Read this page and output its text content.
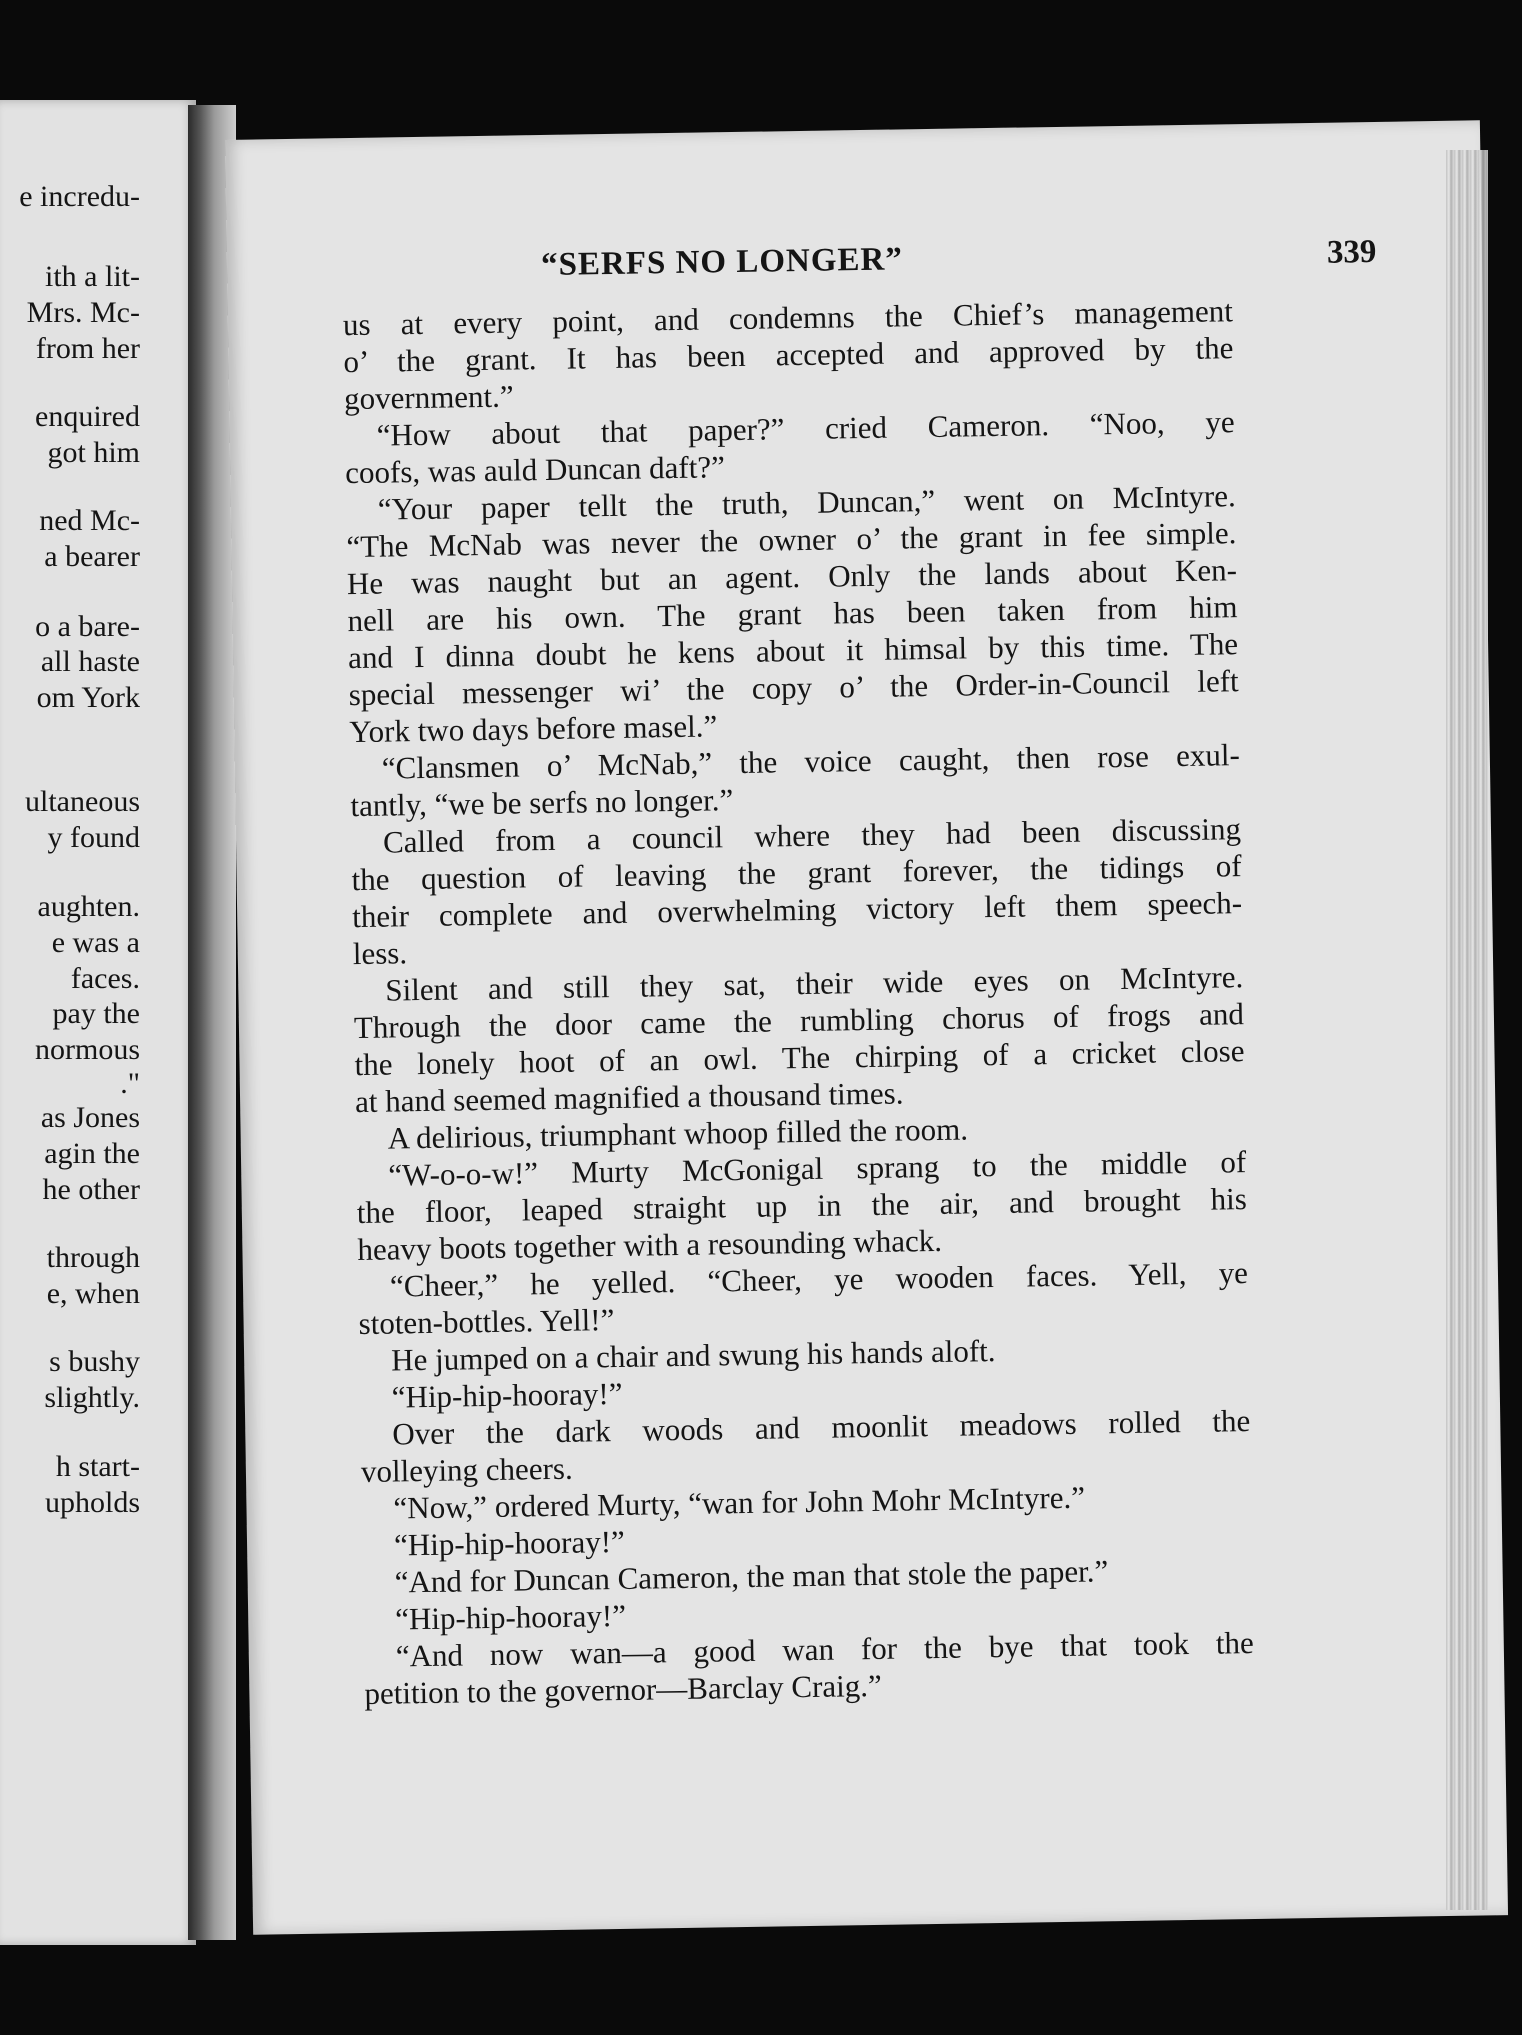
e incredu-
ith a lit-
Mrs. Mc-
from her
enquired
got him
ned Mc-
a bearer
o a bare-
all haste
om York
ultaneous
y found
aughten.
e was a
faces.
pay the
normous
."
as Jones
agin the
he other
through
e, when
s bushy
slightly.
h start-
upholds
“SERFS NO LONGER”	339
us at every point, and condemns the Chief’s management
o’ the grant. It has been accepted and approved by the
government.”
“How about that paper?” cried Cameron. “Noo, ye
coofs, was auld Duncan daft?”
“Your paper tellt the truth, Duncan,” went on McIntyre.
“The McNab was never the owner o’ the grant in fee simple.
He was naught but an agent. Only the lands about Ken-
nell are his own. The grant has been taken from him
and I dinna doubt he kens about it himsal by this time. The
special messenger wi’ the copy o’ the Order-in-Council left
York two days before masel.”
“Clansmen o’ McNab,” the voice caught, then rose exul-
tantly, “we be serfs no longer.”
Called from a council where they had been discussing
the question of leaving the grant forever, the tidings of
their complete and overwhelming victory left them speech-
less.
Silent and still they sat, their wide eyes on McIntyre.
Through the door came the rumbling chorus of frogs and
the lonely hoot of an owl. The chirping of a cricket close
at hand seemed magnified a thousand times.
A delirious, triumphant whoop filled the room.
“W-o-o-w!” Murty McGonigal sprang to the middle of
the floor, leaped straight up in the air, and brought his
heavy boots together with a resounding whack.
“Cheer,” he yelled. “Cheer, ye wooden faces. Yell, ye
stoten-bottles. Yell!”
He jumped on a chair and swung his hands aloft.
“Hip-hip-hooray!”
Over the dark woods and moonlit meadows rolled the
volleying cheers.
“Now,” ordered Murty, “wan for John Mohr McIntyre.”
“Hip-hip-hooray!”
“And for Duncan Cameron, the man that stole the paper.”
“Hip-hip-hooray!”
“And now wan—a good wan for the bye that took the
petition to the governor—Barclay Craig.”
